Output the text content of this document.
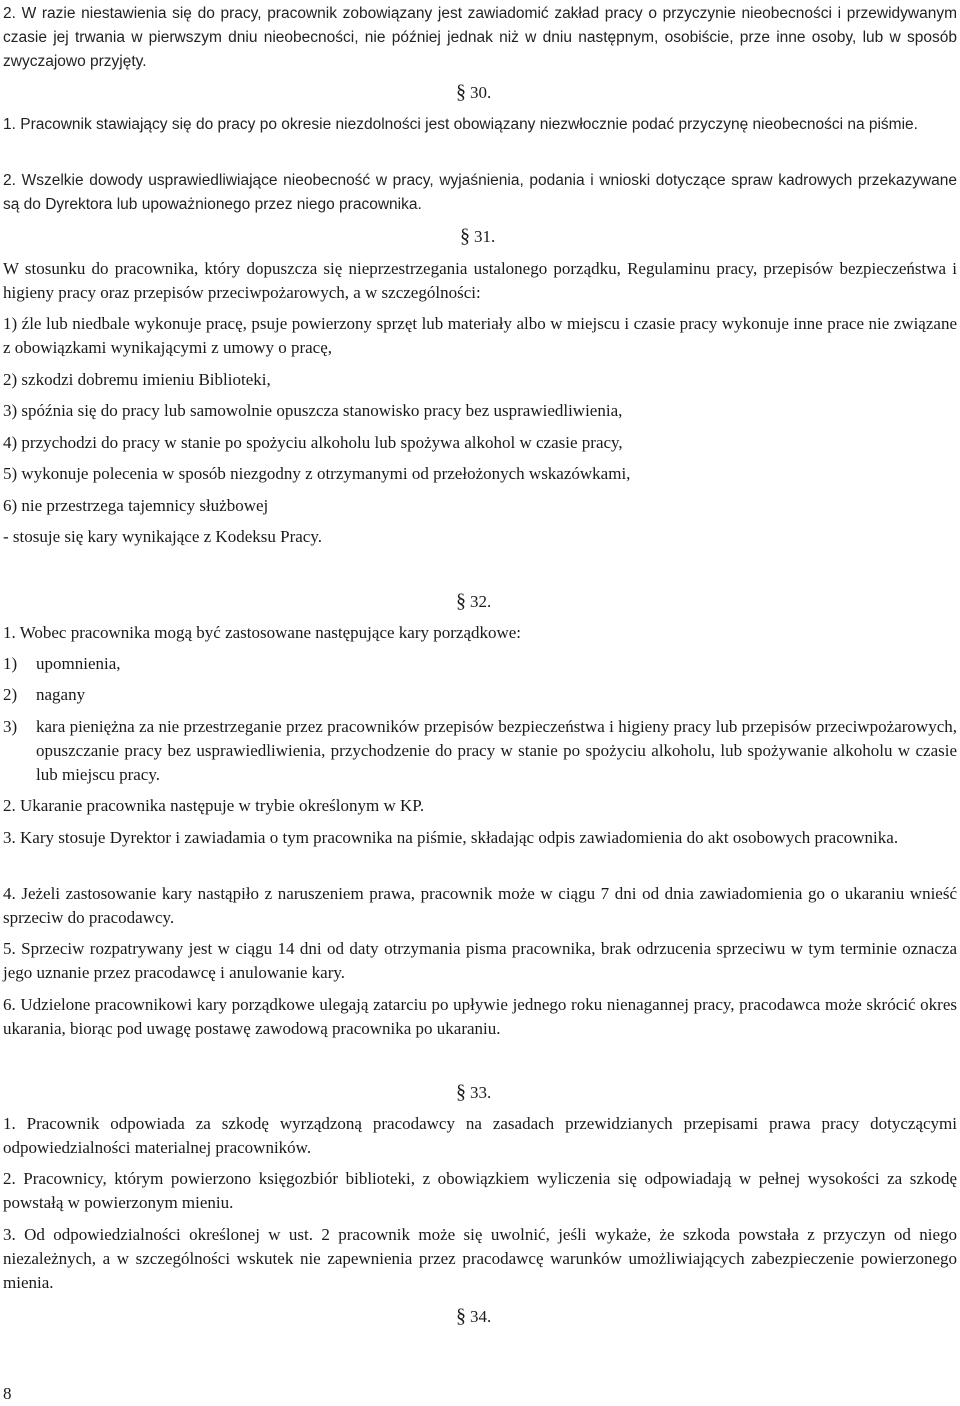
2. W razie niestawienia się do pracy, pracownik zobowiązany jest zawiadomić zakład pracy o przyczynie nieobecności i przewidywanym czasie jej trwania w pierwszym dniu nieobecności, nie później jednak niż w dniu następnym, osobiście, prze inne osoby, lub w sposób zwyczajowo przyjęty.

§ 30.

1. Pracownik stawiający się do pracy po okresie niezdolności jest obowiązany niezwłocznie podać przyczynę nieobecności na piśmie.

2. Wszelkie dowody usprawiedliwiające nieobecność w pracy, wyjaśnienia, podania i wnioski dotyczące spraw kadrowych przekazywane są do Dyrektora lub upoważnionego przez niego pracownika.

§ 31.

W stosunku do pracownika, który dopuszcza się nieprzestrzegania ustalonego porządku, Regulaminu pracy, przepisów bezpieczeństwa i higieny pracy oraz przepisów przeciwpożarowych, a w szczególności:

1) źle lub niedbale wykonuje pracę, psuje powierzony sprzęt lub materiały albo w miejscu i czasie pracy wykonuje inne prace nie związane z obowiązkami wynikającymi z umowy o pracę,

2) szkodzi dobremu imieniu Biblioteki,

3) spóźnia się do pracy lub samowolnie opuszcza stanowisko pracy bez usprawiedliwienia,

4) przychodzi do pracy w stanie po spożyciu alkoholu lub spożywa alkohol w czasie pracy,

5) wykonuje polecenia w sposób niezgodny z otrzymanymi od przełożonych wskazówkami,

6) nie przestrzega tajemnicy służbowej

- stosuje się kary wynikające z Kodeksu Pracy.

§ 32.

1. Wobec pracownika mogą być zastosowane następujące kary porządkowe:

1)	upomnienia,

2)	nagany

3)	kara pieniężna za nie przestrzeganie przez pracowników przepisów bezpieczeństwa i higieny pracy lub przepisów przeciwpożarowych, opuszczanie pracy bez usprawiedliwienia, przychodzenie do pracy w stanie po spożyciu alkoholu, lub spożywanie alkoholu w czasie lub miejscu pracy.

2. Ukaranie pracownika następuje w trybie określonym w KP.

3. Kary stosuje Dyrektor i zawiadamia o tym pracownika na piśmie, składając odpis zawiadomienia do akt osobowych pracownika.

4. Jeżeli zastosowanie kary nastąpiło z naruszeniem prawa, pracownik może w ciągu 7 dni od dnia zawiadomienia go o ukaraniu wnieść sprzeciw do pracodawcy.

5. Sprzeciw rozpatrywany jest w ciągu 14 dni od daty otrzymania pisma pracownika, brak odrzucenia sprzeciwu w tym terminie oznacza jego uznanie przez pracodawcę i anulowanie kary.

6. Udzielone pracownikowi kary porządkowe ulegają zatarciu po upływie jednego roku nienagannej pracy, pracodawca może skrócić okres ukarania, biorąc pod uwagę postawę zawodową pracownika po ukaraniu.

§ 33.

1. Pracownik odpowiada za szkodę wyrządzoną pracodawcy na zasadach przewidzianych przepisami prawa pracy dotyczącymi odpowiedzialności materialnej pracowników.

2. Pracownicy, którym powierzono księgozbiór biblioteki, z obowiązkiem wyliczenia się odpowiadają w pełnej wysokości za szkodę powstałą w powierzonym mieniu.

3. Od odpowiedzialności określonej w ust. 2 pracownik może się uwolnić, jeśli wykaże, że szkoda powstała z przyczyn od niego niezależnych, a w szczególności wskutek nie zapewnienia przez pracodawcę warunków umożliwiających zabezpieczenie powierzonego mienia.

§ 34.
8
